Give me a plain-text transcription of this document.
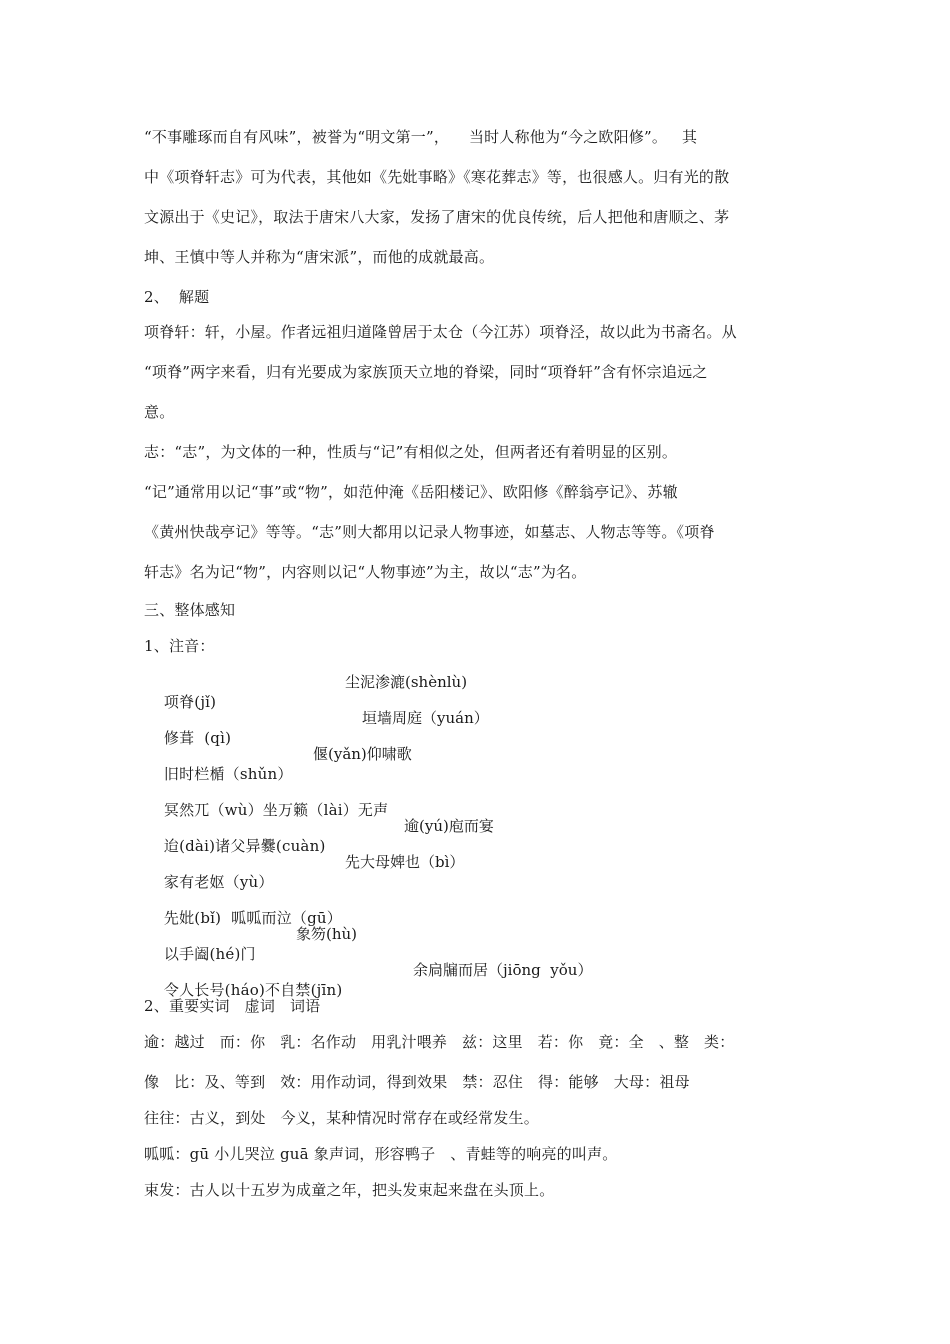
“不事雕琢而自有风味”，被誉为“明文第一”，    当时人称他为“今之欧阳修”。   其
中《项脊轩志》可为代表，其他如《先妣事略》《寒花葬志》等，也很感人。归有光的散
文源出于《史记》，取法于唐宋八大家，发扬了唐宋的优良传统，后人把他和唐顺之、茅
坤、王慎中等人并称为“唐宋派”，而他的成就最高。
2、  解题
项脊轩：轩，小屋。作者远祖归道隆曾居于太仓（今江苏）项脊泾，故以此为书斋名。从
“项脊”两字来看，归有光要成为家族顶天立地的脊梁，同时“项脊轩”含有怀宗追远之
意。
志：“志”，为文体的一种，性质与“记”有相似之处，但两者还有着明显的区别。
“记”通常用以记“事”或“物”，如范仲淹《岳阳楼记》、欧阳修《醉翁亭记》、苏辙
《黄州快哉亭记》等等。“志”则大都用以记录人物事迹，如墓志、人物志等等。《项脊
轩志》名为记“物”，内容则以记“人物事迹”为主，故以“志”为名。
三、整体感知
1、注音：

项脊(jǐ)

尘泥渗漉(shènlù)

修葺  (qì)

垣墙周庭（yuán）

旧时栏楯（shǔn）

偃(yǎn)仰啸歌

冥然兀（wù）坐万籁（lài）无声

迨(dài)诸父异爨(cuàn)

逾(yú)庖而宴

家有老妪（yù）

先大母婢也（bì）

先妣(bǐ)  呱呱而泣（gū）

以手阖(hé)门

象笏(hù)

令人长号(háo)不自禁(jīn)

余扃牖而居（jiōng  yǒu）
2、重要实词   虚词   词语
逾：越过   而：你   乳：名作动   用乳汁喂养   兹：这里   若：你   竟：全   、整   类：
像   比：及、等到   效：用作动词，得到效果   禁：忍住   得：能够   大母：祖母
往往：古义，到处   今义，某种情况时常存在或经常发生。
呱呱：gū 小儿哭泣 guā 象声词，形容鸭子   、青蛙等的响亮的叫声。
束发：古人以十五岁为成童之年，把头发束起来盘在头顶上。
